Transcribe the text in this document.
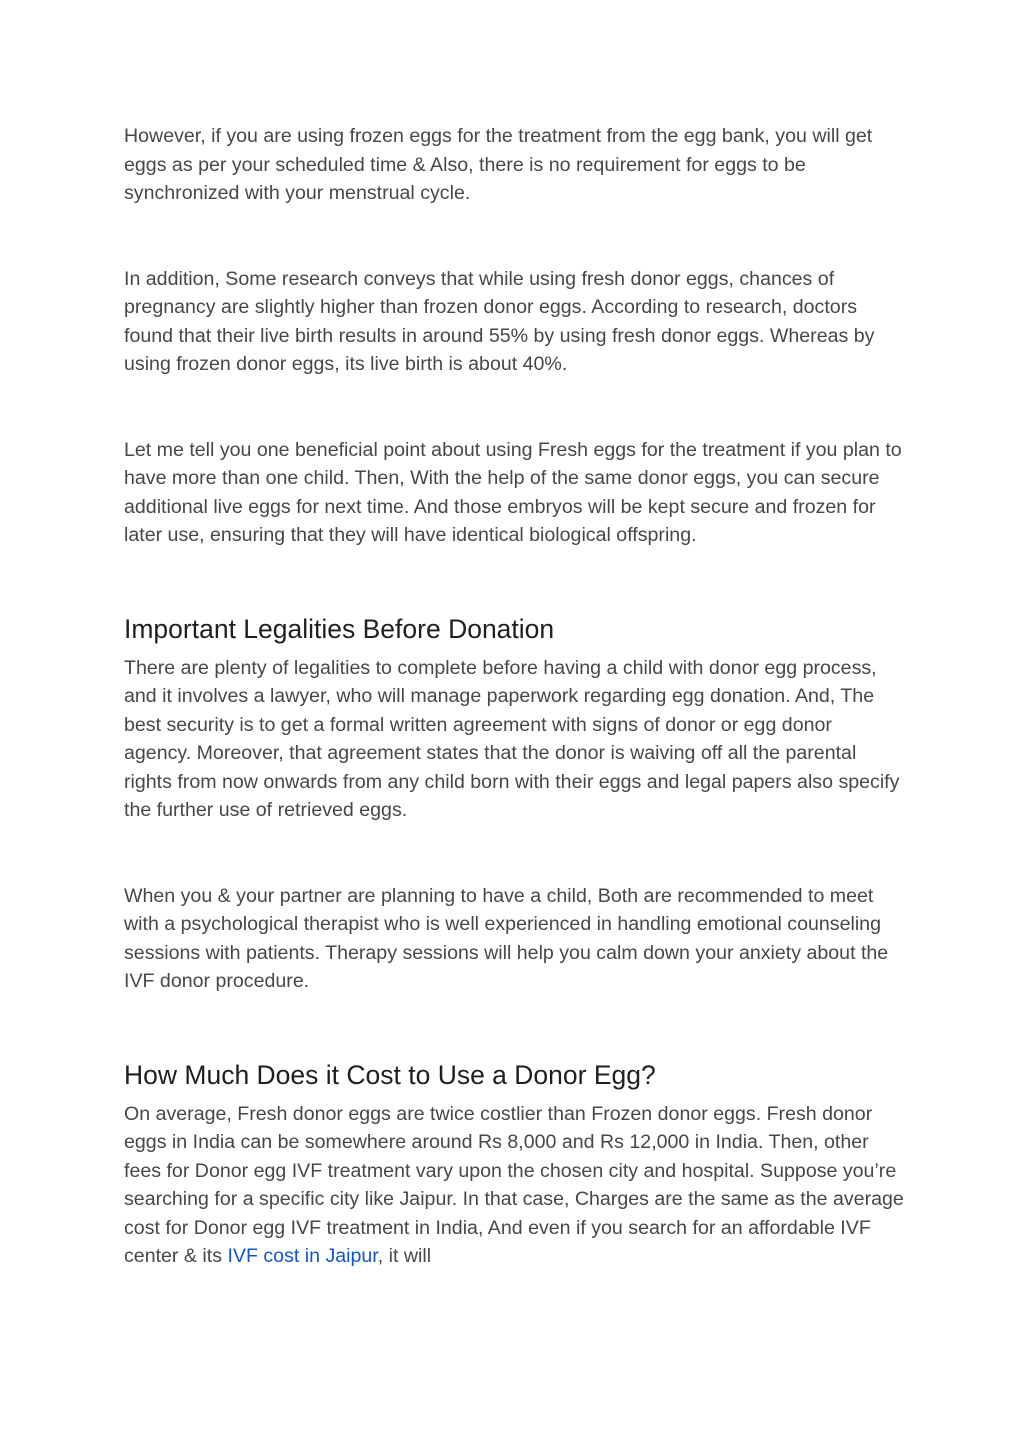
However, if you are using frozen eggs for the treatment from the egg bank, you will get eggs as per your scheduled time & Also, there is no requirement for eggs to be synchronized with your menstrual cycle.

In addition, Some research conveys that while using fresh donor eggs, chances of pregnancy are slightly higher than frozen donor eggs. According to research, doctors found that their live birth results in around 55% by using fresh donor eggs. Whereas by using frozen donor eggs, its live birth is about 40%.

Let me tell you one beneficial point about using Fresh eggs for the treatment if you plan to have more than one child. Then, With the help of the same donor eggs, you can secure additional live eggs for next time. And those embryos will be kept secure and frozen for later use, ensuring that they will have identical biological offspring.

Important Legalities Before Donation

There are plenty of legalities to complete before having a child with donor egg process, and it involves a lawyer, who will manage paperwork regarding egg donation. And, The best security is to get a formal written agreement with signs of donor or egg donor agency. Moreover, that agreement states that the donor is waiving off all the parental rights from now onwards from any child born with their eggs and legal papers also specify the further use of retrieved eggs.

When you & your partner are planning to have a child, Both are recommended to meet with a psychological therapist who is well experienced in handling emotional counseling sessions with patients. Therapy sessions will help you calm down your anxiety about the IVF donor procedure.

How Much Does it Cost to Use a Donor Egg?

On average, Fresh donor eggs are twice costlier than Frozen donor eggs. Fresh donor eggs in India can be somewhere around Rs 8,000 and Rs 12,000 in India. Then, other fees for Donor egg IVF treatment vary upon the chosen city and hospital. Suppose you’re searching for a specific city like Jaipur. In that case, Charges are the same as the average cost for Donor egg IVF treatment in India, And even if you search for an affordable IVF center & its IVF cost in Jaipur, it will
